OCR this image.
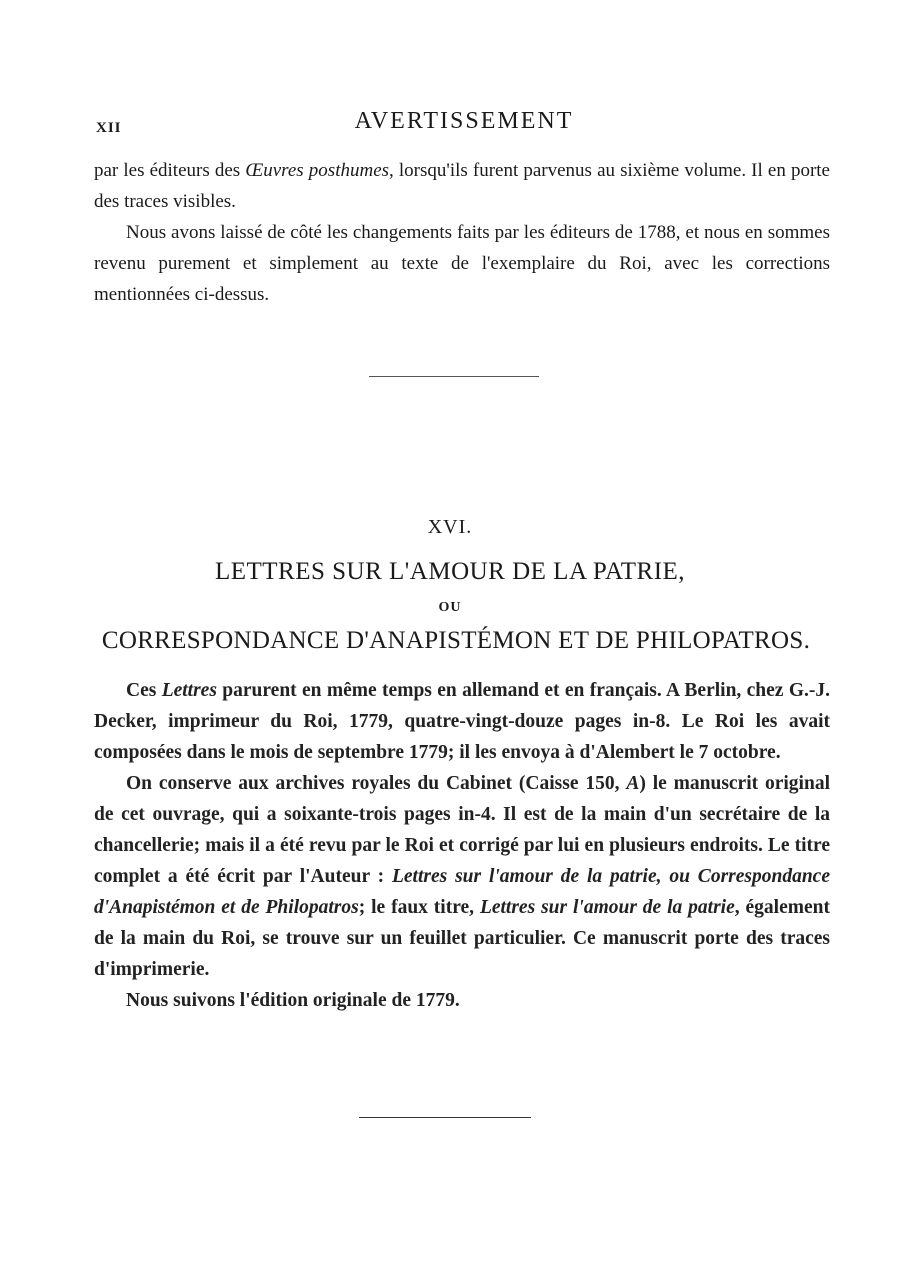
XII	AVERTISSEMENT

par les éditeurs des Œuvres posthumes, lorsqu'ils furent parvenus au sixième volume. Il en porte des traces visibles.

Nous avons laissé de côté les changements faits par les éditeurs de 1788, et nous en sommes revenu purement et simplement au texte de l'exemplaire du Roi, avec les corrections mentionnées ci-dessus.

XVI.
LETTRES SUR L'AMOUR DE LA PATRIE,
OU
CORRESPONDANCE D'ANAPISTÉMON ET DE PHILOPATROS.

Ces Lettres parurent en même temps en allemand et en français. A Berlin, chez G.-J. Decker, imprimeur du Roi, 1779, quatre-vingt-douze pages in-8. Le Roi les avait composées dans le mois de septembre 1779; il les envoya à d'Alembert le 7 octobre.

On conserve aux archives royales du Cabinet (Caisse 150, A) le manuscrit original de cet ouvrage, qui a soixante-trois pages in-4. Il est de la main d'un secrétaire de la chancellerie; mais il a été revu par le Roi et corrigé par lui en plusieurs endroits. Le titre complet a été écrit par l'Auteur : Lettres sur l'amour de la patrie, ou Correspondance d'Anapistémon et de Philopatros; le faux titre, Lettres sur l'amour de la patrie, également de la main du Roi, se trouve sur un feuillet particulier. Ce manuscrit porte des traces d'imprimerie.

Nous suivons l'édition originale de 1779.
